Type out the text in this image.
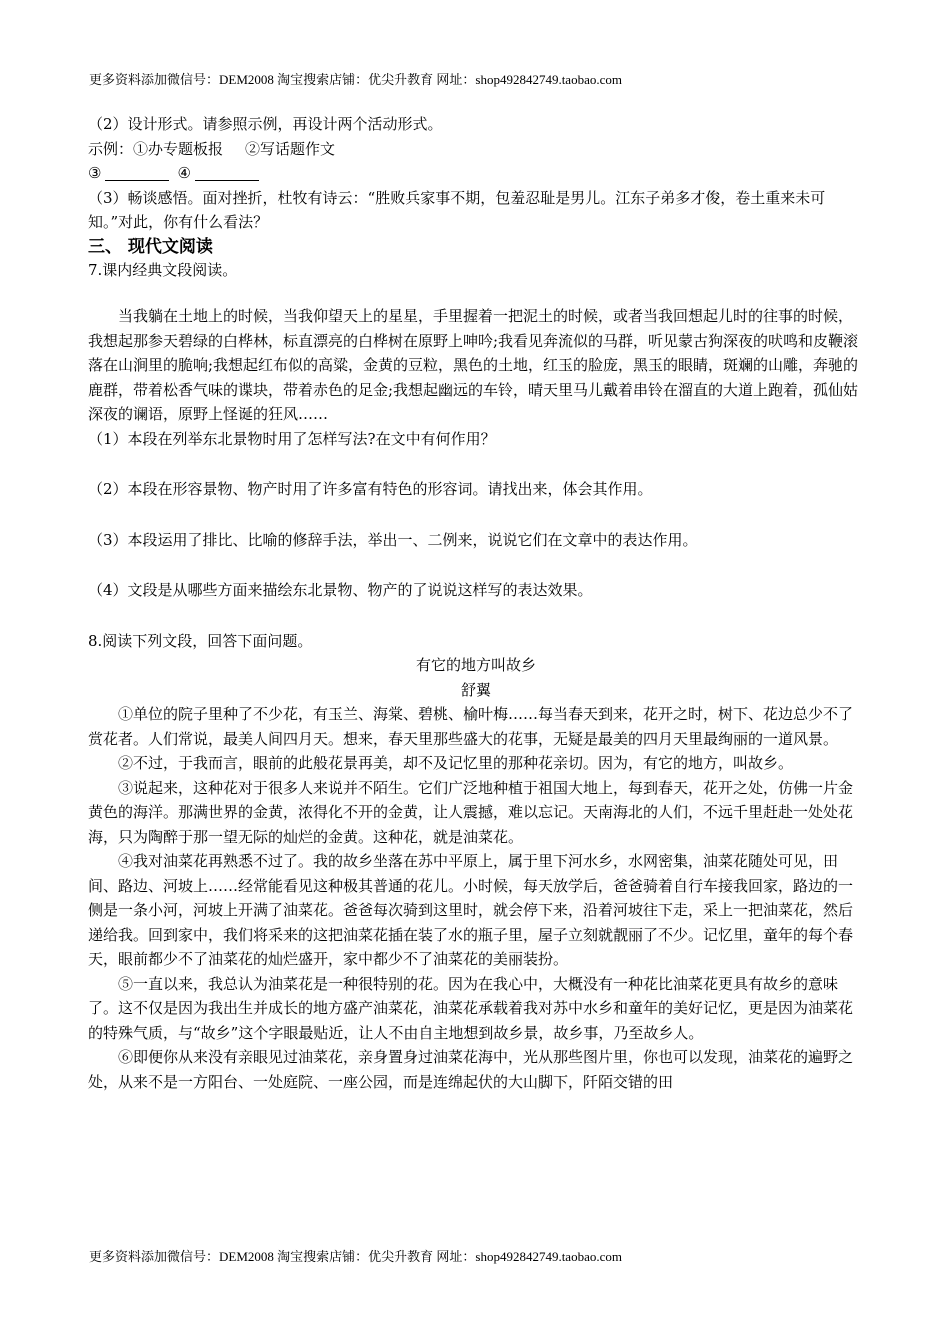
更多资料添加微信号：DEM2008 淘宝搜索店铺：优尖升教育 网址：shop492842749.taobao.com

（2）设计形式。请参照示例，再设计两个活动形式。

示例：①办专题板报 ②写话题作文

③	④

（3）畅谈感悟。面对挫折，杜牧有诗云：“胜败兵家事不期，包羞忍耻是男儿。江东子弟多才俊，卷土重来未可知。”对此，你有什么看法？

三、 现代文阅读

7.课内经典文段阅读。

当我躺在土地上的时候，当我仰望天上的星星，手里握着一把泥土的时候，或者当我回想起儿时的往事的时候，我想起那参天碧绿的白桦林，标直漂亮的白桦树在原野上呻吟;我看见奔流似的马群，听见蒙古狗深夜的吠鸣和皮鞭滚落在山涧里的脆响;我想起红布似的高粱，金黄的豆粒，黑色的土地，红玉的脸庞，黑玉的眼睛，斑斓的山雕，奔驰的鹿群，带着松香气味的谍块，带着赤色的足金;我想起幽远的车铃，晴天里马儿戴着串铃在溜直的大道上跑着，孤仙姑深夜的谰语，原野上怪诞的狂风……

（1）本段在列举东北景物时用了怎样写法?在文中有何作用？

（2）本段在形容景物、物产时用了许多富有特色的形容词。请找出来，体会其作用。

（3）本段运用了排比、比喻的修辞手法，举出一、二例来，说说它们在文章中的表达作用。

（4）文段是从哪些方面来描绘东北景物、物产的了说说这样写的表达效果。

8.阅读下列文段，回答下面问题。

有它的地方叫故乡

舒翼

①单位的院子里种了不少花，有玉兰、海棠、碧桃、榆叶梅……每当春天到来，花开之时，树下、花边总少不了赏花者。人们常说，最美人间四月天。想来，春天里那些盛大的花事，无疑是最美的四月天里最绚丽的一道风景。

②不过，于我而言，眼前的此般花景再美，却不及记忆里的那种花亲切。因为，有它的地方，叫故乡。

③说起来，这种花对于很多人来说并不陌生。它们广泛地种植于祖国大地上，每到春天，花开之处，仿佛一片金黄色的海洋。那满世界的金黄，浓得化不开的金黄，让人震撼，难以忘记。天南海北的人们，不远千里赶赴一处处花海，只为陶醉于那一望无际的灿烂的金黄。这种花，就是油菜花。

④我对油菜花再熟悉不过了。我的故乡坐落在苏中平原上，属于里下河水乡，水网密集，油菜花随处可见，田间、路边、河坡上……经常能看见这种极其普通的花儿。小时候，每天放学后，爸爸骑着自行车接我回家，路边的一侧是一条小河，河坡上开满了油菜花。爸爸每次骑到这里时，就会停下来，沿着河坡往下走，采上一把油菜花，然后递给我。回到家中，我们将采来的这把油菜花插在装了水的瓶子里，屋子立刻就靓丽了不少。记忆里，童年的每个春天，眼前都少不了油菜花的灿烂盛开，家中都少不了油菜花的美丽装扮。

⑤一直以来，我总认为油菜花是一种很特别的花。因为在我心中，大概没有一种花比油菜花更具有故乡的意味了。这不仅是因为我出生并成长的地方盛产油菜花，油菜花承载着我对苏中水乡和童年的美好记忆，更是因为油菜花的特殊气质，与“故乡”这个字眼最贴近，让人不由自主地想到故乡景，故乡事，乃至故乡人。

⑥即便你从来没有亲眼见过油菜花，亲身置身过油菜花海中，光从那些图片里，你也可以发现，油菜花的遍野之处，从来不是一方阳台、一处庭院、一座公园，而是连绵起伏的大山脚下，阡陌交错的田

更多资料添加微信号：DEM2008 淘宝搜索店铺：优尖升教育 网址：shop492842749.taobao.com
